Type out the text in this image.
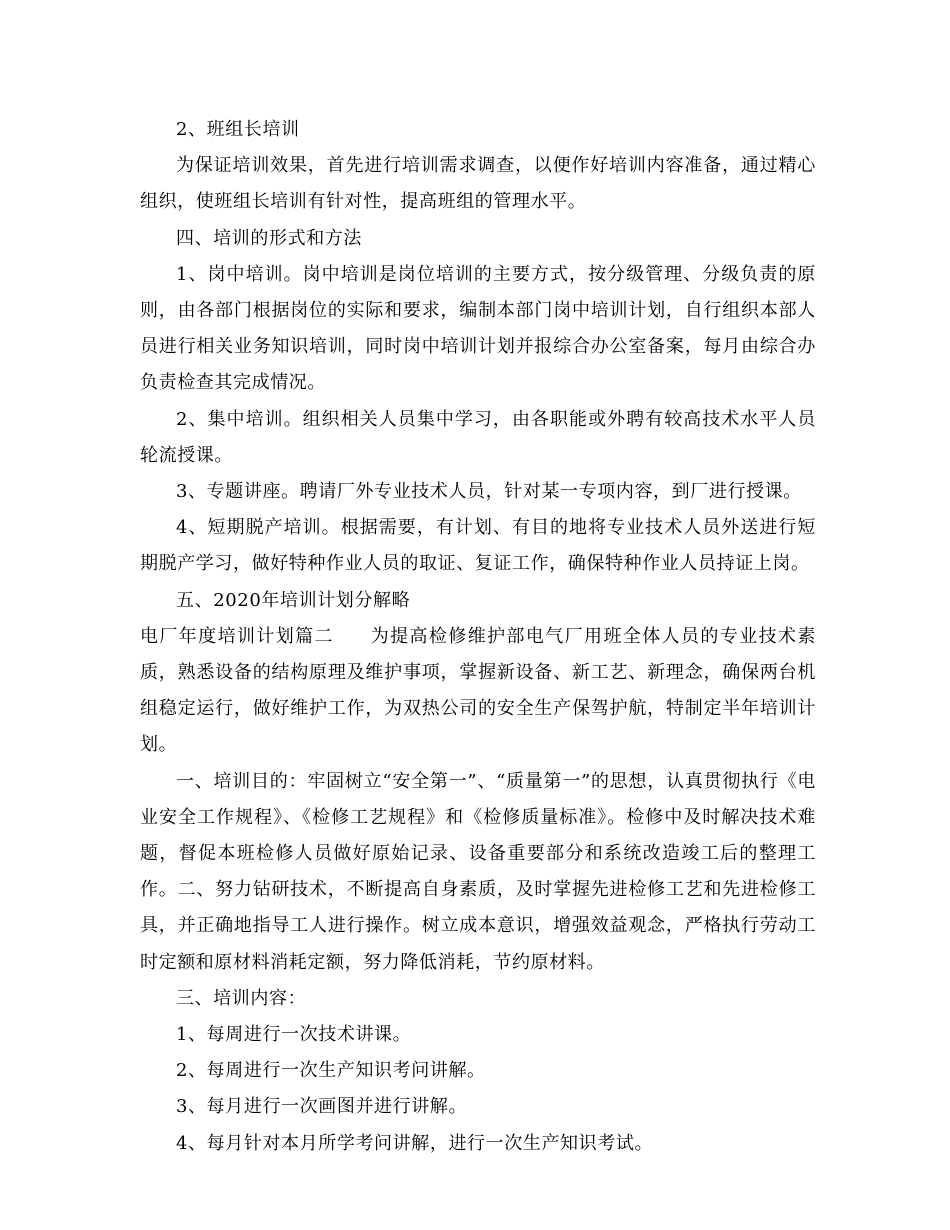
2、班组长培训

为保证培训效果，首先进行培训需求调查，以便作好培训内容准备，通过精心组织，使班组长培训有针对性，提高班组的管理水平。

四、培训的形式和方法

1、岗中培训。岗中培训是岗位培训的主要方式，按分级管理、分级负责的原则，由各部门根据岗位的实际和要求，编制本部门岗中培训计划，自行组织本部人员进行相关业务知识培训，同时岗中培训计划并报综合办公室备案，每月由综合办负责检查其完成情况。

2、集中培训。组织相关人员集中学习，由各职能或外聘有较高技术水平人员轮流授课。

3、专题讲座。聘请厂外专业技术人员，针对某一专项内容，到厂进行授课。

4、短期脱产培训。根据需要，有计划、有目的地将专业技术人员外送进行短期脱产学习，做好特种作业人员的取证、复证工作，确保特种作业人员持证上岗。

五、2020年培训计划分解略

电厂年度培训计划篇二 为提高检修维护部电气厂用班全体人员的专业技术素质，熟悉设备的结构原理及维护事项，掌握新设备、新工艺、新理念，确保两台机组稳定运行，做好维护工作，为双热公司的安全生产保驾护航，特制定半年培训计划。

一、培训目的：牢固树立“安全第一”、“质量第一”的思想，认真贯彻执行《电业安全工作规程》、《检修工艺规程》和《检修质量标准》。检修中及时解决技术难题，督促本班检修人员做好原始记录、设备重要部分和系统改造竣工后的整理工作。二、努力钻研技术，不断提高自身素质，及时掌握先进检修工艺和先进检修工具，并正确地指导工人进行操作。树立成本意识，增强效益观念，严格执行劳动工时定额和原材料消耗定额，努力降低消耗，节约原材料。

三、培训内容：

1、每周进行一次技术讲课。

2、每周进行一次生产知识考问讲解。

3、每月进行一次画图并进行讲解。

4、每月针对本月所学考问讲解，进行一次生产知识考试。
